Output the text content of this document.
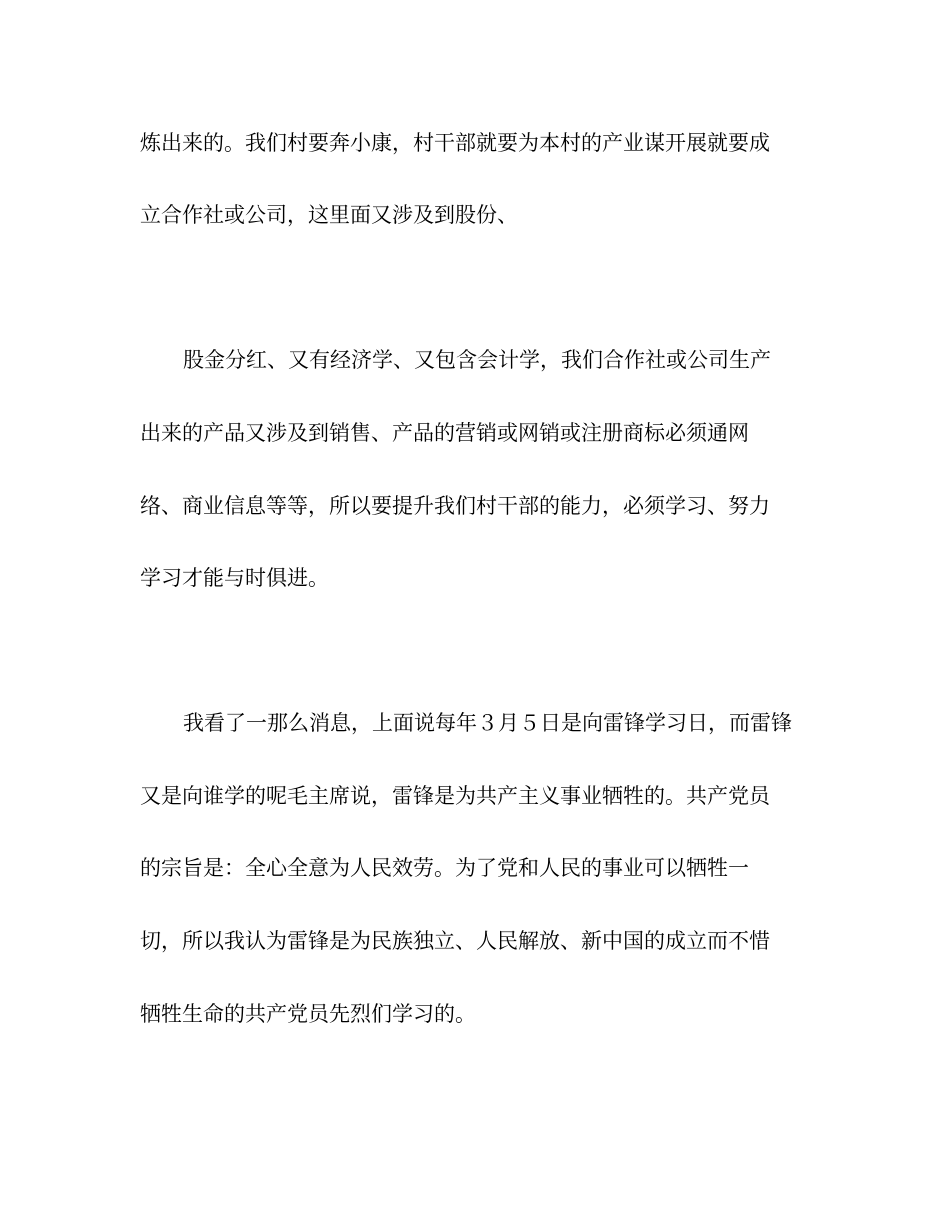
炼出来的。我们村要奔小康，村干部就要为本村的产业谋开展就要成

立合作社或公司，这里面又涉及到股份、

股金分红、又有经济学、又包含会计学，我们合作社或公司生产

出来的产品又涉及到销售、产品的营销或网销或注册商标必须通网

络、商业信息等等，所以要提升我们村干部的能力，必须学习、努力

学习才能与时俱进。

我看了一那么消息，上面说每年３月５日是向雷锋学习日，而雷锋

又是向谁学的呢毛主席说，雷锋是为共产主义事业牺牲的。共产党员

的宗旨是：全心全意为人民效劳。为了党和人民的事业可以牺牲一

切，所以我认为雷锋是为民族独立、人民解放、新中国的成立而不惜

牺牲生命的共产党员先烈们学习的。
